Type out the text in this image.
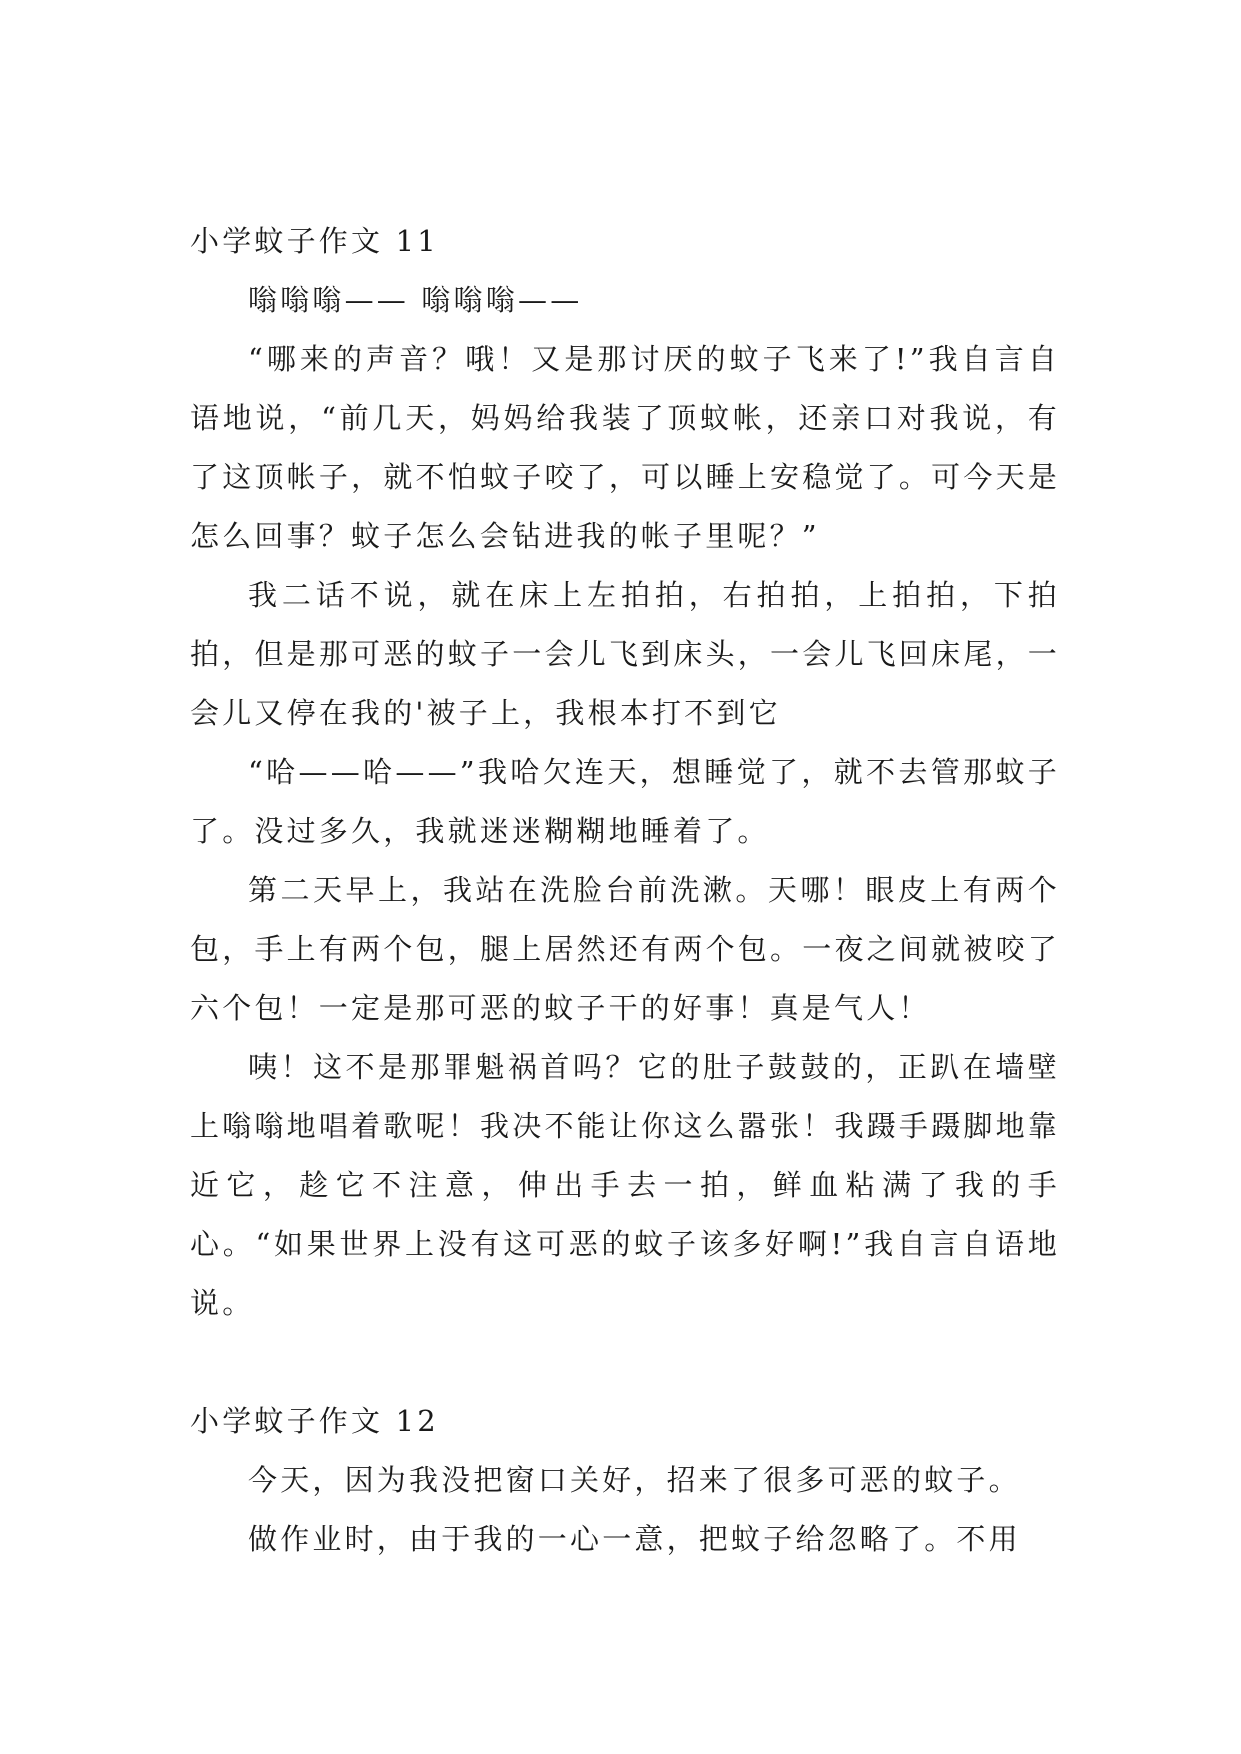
小学蚊子作文 11

嗡嗡嗡—— 嗡嗡嗡——

“哪来的声音？哦！又是那讨厌的蚊子飞来了!”我自言自语地说，“前几天，妈妈给我装了顶蚊帐，还亲口对我说，有了这顶帐子，就不怕蚊子咬了，可以睡上安稳觉了。可今天是怎么回事？蚊子怎么会钻进我的帐子里呢？”

我二话不说，就在床上左拍拍，右拍拍，上拍拍，下拍拍，但是那可恶的蚊子一会儿飞到床头，一会儿飞回床尾，一会儿又停在我的'被子上，我根本打不到它

“哈——哈——”我哈欠连天，想睡觉了，就不去管那蚊子了。没过多久，我就迷迷糊糊地睡着了。

第二天早上，我站在洗脸台前洗漱。天哪！眼皮上有两个包，手上有两个包，腿上居然还有两个包。一夜之间就被咬了六个包！一定是那可恶的蚊子干的好事！真是气人！

咦！这不是那罪魁祸首吗？它的肚子鼓鼓的，正趴在墙壁上嗡嗡地唱着歌呢！我决不能让你这么嚣张！我蹑手蹑脚地靠近它，趁它不注意，伸出手去一拍，鲜血粘满了我的手心。“如果世界上没有这可恶的蚊子该多好啊!”我自言自语地说。

小学蚊子作文 12

今天，因为我没把窗口关好，招来了很多可恶的蚊子。

做作业时，由于我的一心一意，把蚊子给忽略了。不用
